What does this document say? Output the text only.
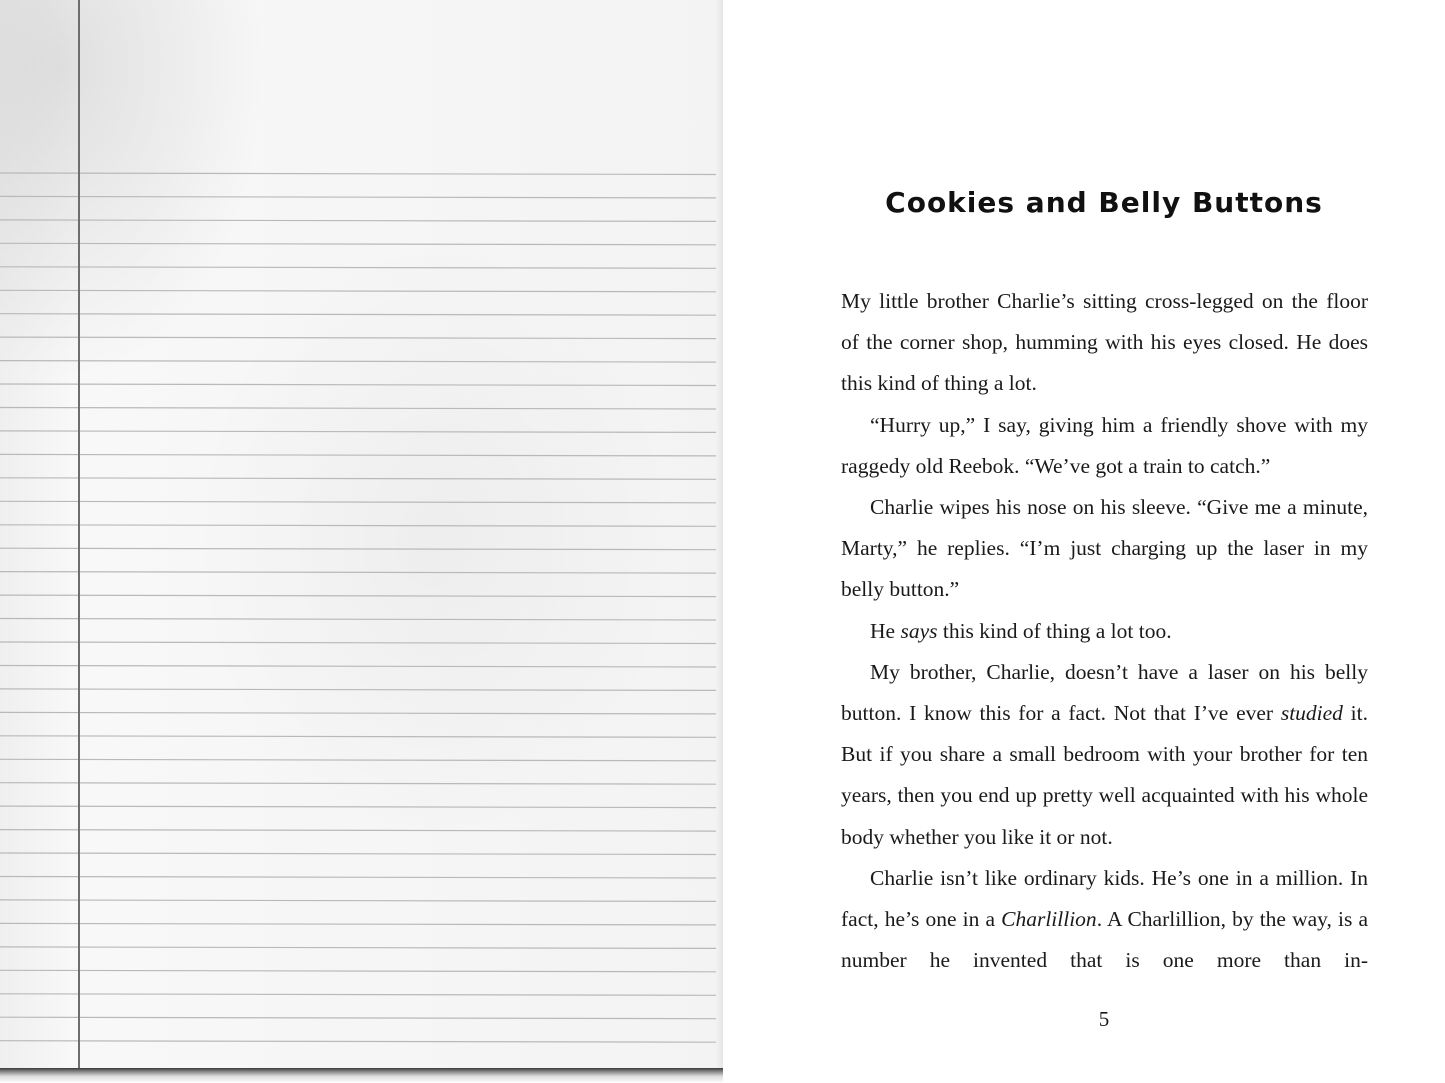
Cookies and Belly Buttons

My little brother Charlie’s sitting cross-legged on the floor of the corner shop, humming with his eyes closed. He does this kind of thing a lot.

“Hurry up,” I say, giving him a friendly shove with my raggedy old Reebok. “We’ve got a train to catch.”

Charlie wipes his nose on his sleeve. “Give me a minute, Marty,” he replies. “I’m just charging up the laser in my belly button.”

He says this kind of thing a lot too.

My brother, Charlie, doesn’t have a laser on his belly button. I know this for a fact. Not that I’ve ever studied it. But if you share a small bedroom with your brother for ten years, then you end up pretty well acquainted with his whole body whether you like it or not.

Charlie isn’t like ordinary kids. He’s one in a million. In fact, he’s one in a Charlillion. A Charlillion, by the way, is a number he invented that is one more than in-

5
